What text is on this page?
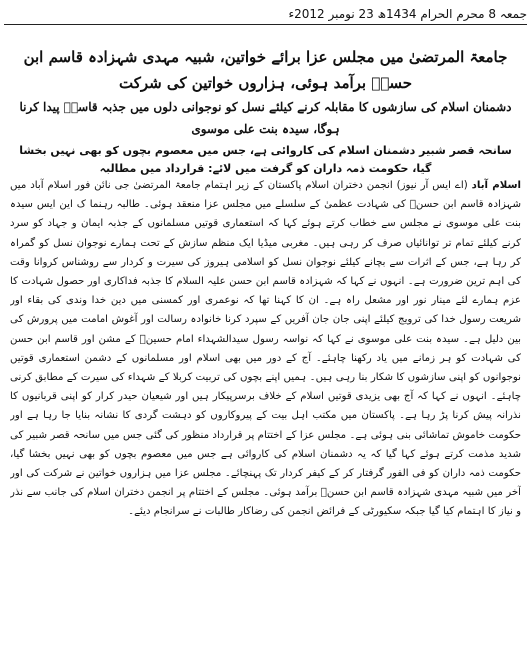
جمعہ 8 محرم الحرام 1434ھ 23 نومبر 2012ء
جامعۃ المرتضیٰ میں مجلس عزا برائے خواتین، شبیہ مہدی شہزادہ قاسم ابن حسنؑ برآمد ہوئی، ہزاروں خواتین کی شرکت
دشمنان اسلام کی سازشوں کا مقابلہ کرنے کیلئے نسل کو نوجوانی دلوں میں جذبہ قاسمؑ پیدا کرنا ہوگا، سیدہ بنت علی موسوی

سانحہ قصر شبیر دشمنان اسلام کی کاروائی ہے، جس میں معصوم بچوں کو بھی نہیں بخشا گیا، حکومت ذمہ داران کو گرفت میں لائے: قرارداد میں مطالبہ

اسلام آباد (اے ایس آر نیوز) انجمن دختران اسلام پاکستان کے زیر اہتمام جامعۃ المرتضیٰ جی نائن فور اسلام آباد میں شہزادہ قاسم ابن حسنؑ کی شہادت عظمیٰ کے سلسلے میں مجلس عزا منعقد ہوئی۔ طالبہ رہنما ک این ایس سیدہ بنت علی موسوی نے مجلس سے خطاب کرتے ہوئے کہا کہ استعماری قوتیں مسلمانوں کے جذبہ ایمان و جہاد کو سرد کرنے کیلئے تمام تر توانائیاں صرف کر رہی ہیں۔ مغربی میڈیا ایک منظم سازش کے تحت ہمارے نوجوان نسل کو گمراہ کر رہا ہے، جس کے اثرات سے بچانے کیلئے نوجوان نسل کو اسلامی ہیروز کی سیرت و کردار سے روشناس کروانا وقت کی اہم ترین ضرورت ہے۔ انہوں نے کہا کہ شہزادہ قاسم ابن حسن علیہ السلام کا جذبہ فداکاری اور حصول شہادت کا عزم ہمارے لئے مینار نور اور مشعل راہ ہے۔ ان کا کہنا تھا کہ نوعمری اور کمسنی میں دین خدا وندی کی بقاء اور شریعت رسول خدا کی ترویج کیلئے اپنی جان جان آفریں کے سپرد کرنا خانوادہ رسالت اور آغوش امامت میں پرورش کی بین دلیل ہے۔ سیدہ بنت علی موسوی نے کہا کہ نواسہ رسول سیدالشہداء امام حسینؑ کے مشن اور قاسم ابن حسن کی شہادت کو ہر زمانے میں یاد رکھنا چاہئے۔ آج کے دور میں بھی اسلام اور مسلمانوں کے دشمن استعماری قوتیں نوجوانوں کو اپنی سازشوں کا شکار بنا رہی ہیں۔ ہمیں اپنے بچوں کی تربیت کربلا کے شہداء کی سیرت کے مطابق کرنی چاہئے۔ انہوں نے کہا کہ آج بھی یزیدی قوتیں اسلام کے خلاف برسرپیکار ہیں اور شیعیان حیدر کرار کو اپنی قربانیوں کا نذرانہ پیش کرنا پڑ رہا ہے۔ پاکستان میں مکتب اہل بیت کے پیروکاروں کو دہشت گردی کا نشانہ بنایا جا رہا ہے اور حکومت خاموش تماشائی بنی ہوئی ہے۔ مجلس عزا کے اختتام پر قرارداد منظور کی گئی جس میں سانحہ قصر شبیر کی شدید مذمت کرتے ہوئے کہا گیا کہ یہ دشمنان اسلام کی کاروائی ہے جس میں معصوم بچوں کو بھی نہیں بخشا گیا، حکومت ذمہ داران کو فی الفور گرفتار کر کے کیفر کردار تک پہنچائے۔ مجلس عزا میں ہزاروں خواتین نے شرکت کی اور آخر میں شبیہ مہدی شہزادہ قاسم ابن حسنؑ برآمد ہوئی۔ مجلس کے اختتام پر انجمن دختران اسلام کی جانب سے نذر و نیاز کا اہتمام کیا گیا جبکہ سکیورٹی کے فرائض انجمن کی رضاکار طالبات نے سرانجام دیئے۔
